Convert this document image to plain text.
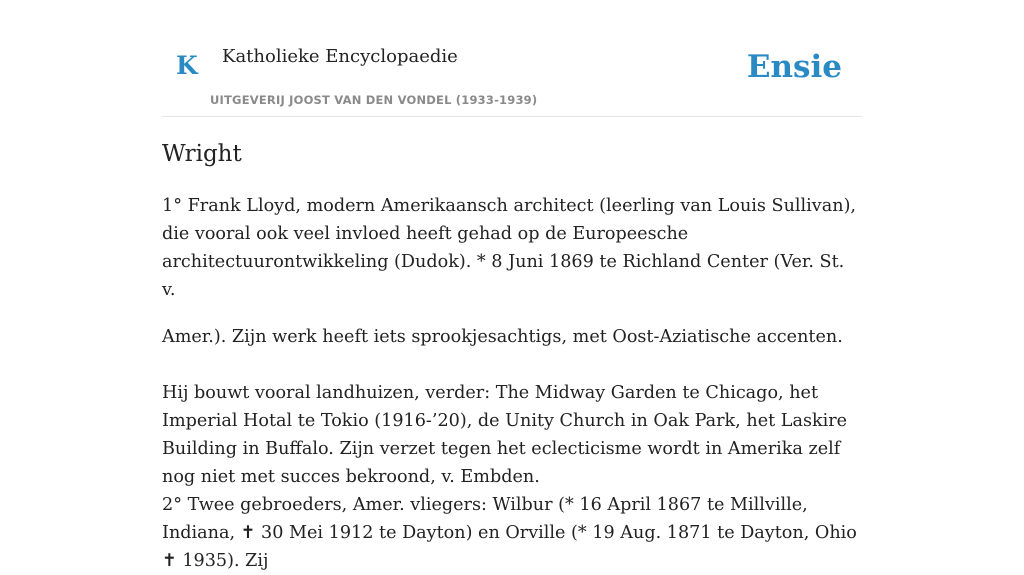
K Katholieke Encyclopaedie
UITGEVERIJ JOOST VAN DEN VONDEL (1933-1939)
Ensie
Wright

1° Frank Lloyd, modern Amerikaansch architect (leerling van Louis Sullivan), die vooral ook veel invloed heeft gehad op de Europeesche architectuurontwikkeling (Dudok). * 8 Juni 1869 te Richland Center (Ver. St. v.

Amer.). Zijn werk heeft iets sprookjesachtigs, met Oost-Aziatische accenten.

Hij bouwt vooral landhuizen, verder: The Midway Garden te Chicago, het Imperial Hotal te Tokio (1916-’20), de Unity Church in Oak Park, het Laskire Building in Buffalo. Zijn verzet tegen het eclecticisme wordt in Amerika zelf nog niet met succes bekroond, v. Embden.

2° Twee gebroeders, Amer. vliegers: Wilbur (* 16 April 1867 te Millville, Indiana, ✝ 30 Mei 1912 te Dayton) en Orville (* 19 Aug. 1871 te Dayton, Ohio ✝ 1935). Zij
